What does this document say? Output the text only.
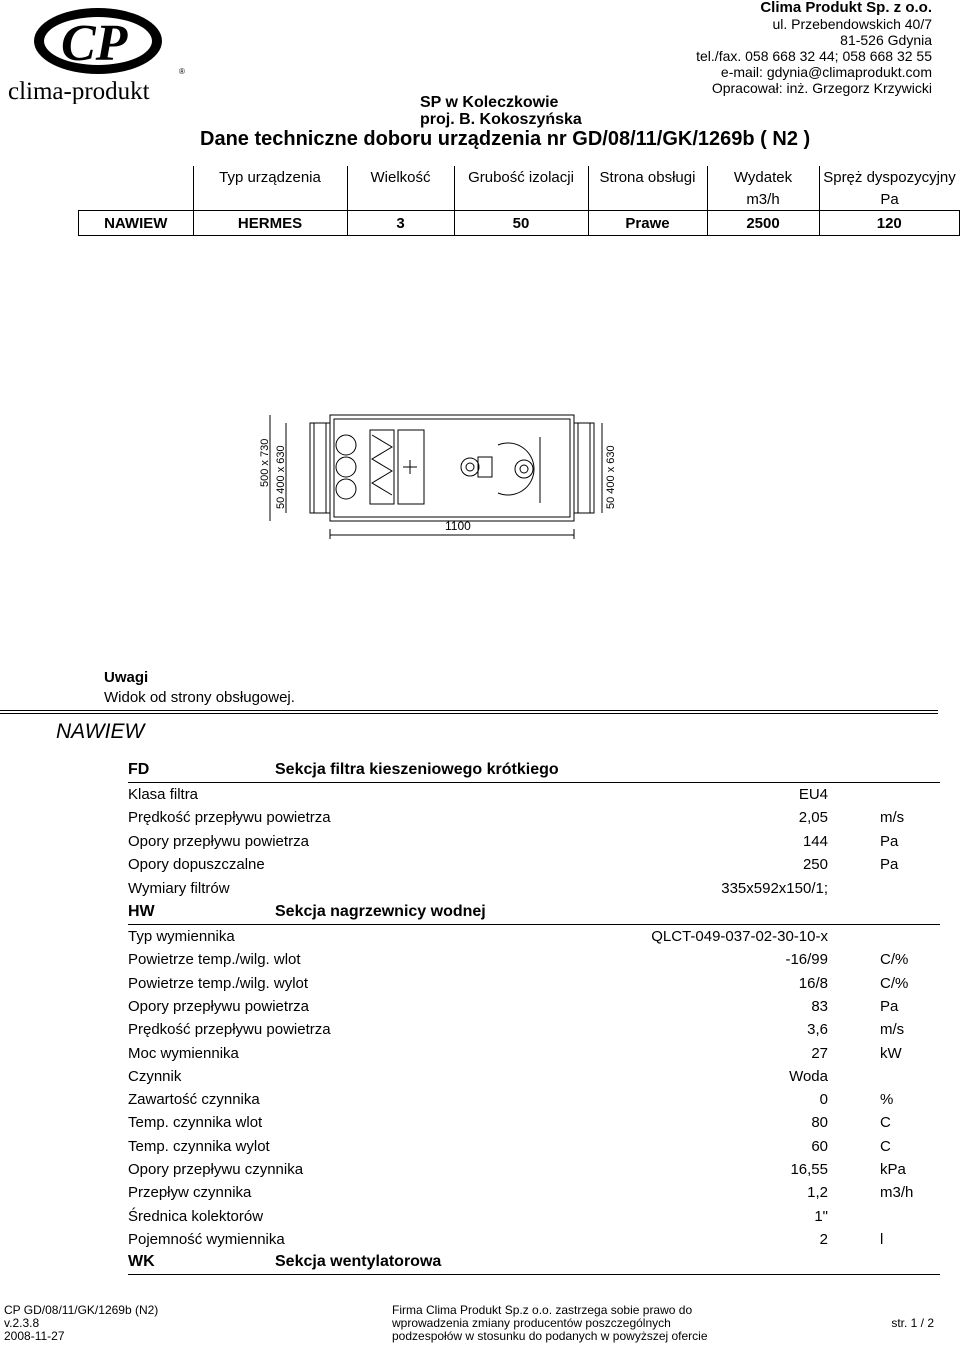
CP	®
clima-produkt
Clima Produkt Sp. z o.o.
ul. Przebendowskich 40/7
81-526 Gdynia
tel./fax. 058 668 32 44; 058 668 32 55
e-mail: gdynia@climaprodukt.com
Opracował: inż. Grzegorz Krzywicki
SP w Koleczkowie
proj. B. Kokoszyńska
Dane techniczne doboru urządzenia nr GD/08/11/GK/1269b ( N2 )
	Typ urządzenia	Wielkość	Grubość izolacji	Strona obsługi	Wydatek	Spręż dyspozycyjny
					m3/h	Pa
NAWIEW	HERMES	3	50	Prawe	2500	120
500 x 730 50 400 x 630	50 400 x 630
1100
Uwagi
Widok od strony obsługowej.
NAWIEW
FD	Sekcja filtra kieszeniowego krótkiego
Klasa filtra	EU4
Prędkość przepływu powietrza	2,05	m/s
Opory przepływu powietrza	144	Pa
Opory dopuszczalne	250	Pa
Wymiary filtrów	335x592x150/1;
HW	Sekcja nagrzewnicy wodnej
Typ wymiennika	QLCT-049-037-02-30-10-x
Powietrze temp./wilg. wlot	-16/99	C/%
Powietrze temp./wilg. wylot	16/8	C/%
Opory przepływu powietrza	83	Pa
Prędkość przepływu powietrza	3,6	m/s
Moc wymiennika	27	kW
Czynnik	Woda
Zawartość czynnika	0	%
Temp. czynnika wlot	80	C
Temp. czynnika wylot	60	C
Opory przepływu czynnika	16,55	kPa
Przepływ czynnika	1,2	m3/h
Średnica kolektorów	1"
Pojemność wymiennika	2	l
WK	Sekcja wentylatorowa
CP GD/08/11/GK/1269b (N2)
v.2.3.8
2008-11-27
Firma Clima Produkt Sp.z o.o. zastrzega sobie prawo do
wprowadzenia zmiany producentów poszczególnych
podzespołów w stosunku do podanych w powyższej ofercie
str. 1 / 2
